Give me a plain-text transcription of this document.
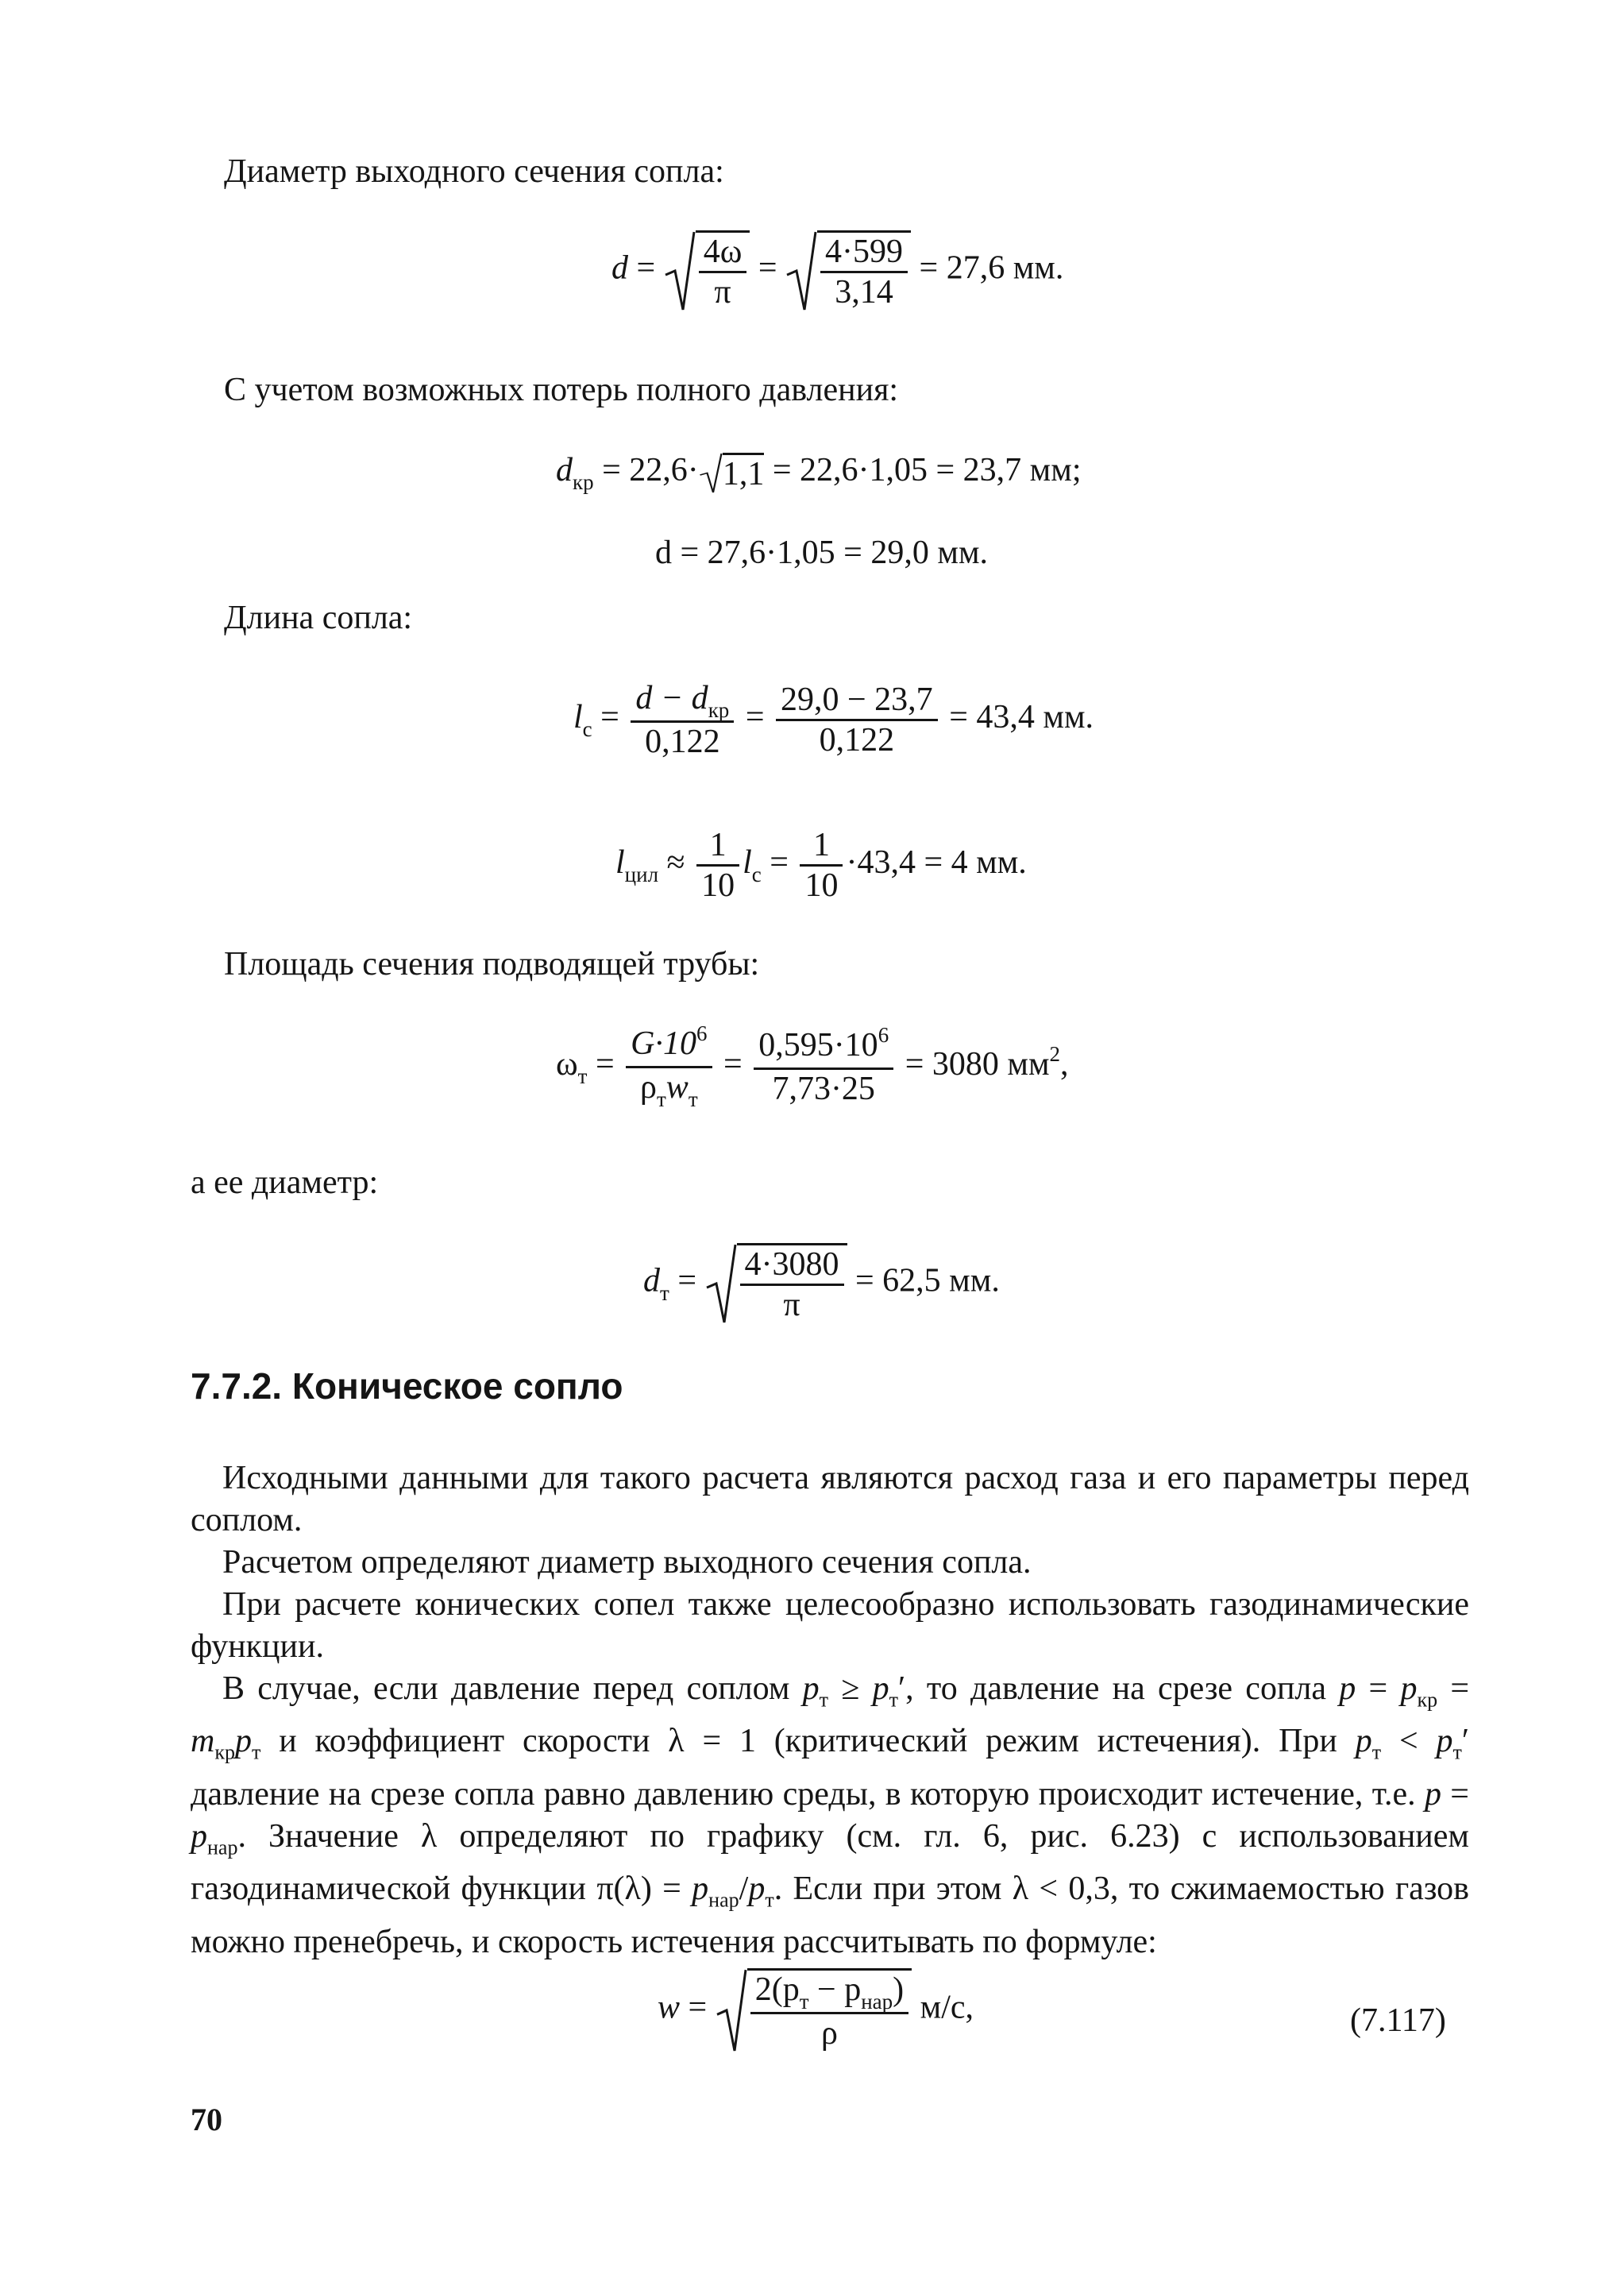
Диаметр выходного сечения сопла:
$d = \frac{4\omega}{\pi} = \frac{4\cdot 599}{3,14} = 27,6$ мм.
С учетом возможных потерь полного давления:
$d_{кр} = 22,6\cdot 1,1 = 22,6\cdot 1,05 = 23,7$ мм;
d = 27,6·1,05 = 29,0 мм.
Длина сопла:
$l_с$ =
$d - d_{кр}$
0,122
= $\frac{29,0 - 23,7}{0,122} = 43,4$ мм.
$l_{цил} \approx \frac{1}{10} l_с = \frac{1}{10} \cdot 43,4 = 4$ мм.
Площадь сечения подводящей трубы:
$\omega_т$ =
$G\cdot 10^6$
$\rho_тw_т$
= $\frac{0,595\cdot 10^6}{7,73\cdot 25} = 3080$ $мм^2$,
а ее диаметр:
$d_т = \frac{4\cdot 3080}{\pi} = 62,5$ мм.
7.7.2. Коническое сопло

Исходными данными для такого расчета являются расход газа и его параметры перед соплом.

Расчетом определяют диаметр выходного сечения сопла.

При расчете конических сопел также целесообразно использовать газодинамические функции.

В случае, если давление перед соплом $p_т \ge p_т'$, то давление на срезе сопла $p = p_{кр} = m_{кр}p_т$ и коэффициент скорости λ = 1 (критический режим истечения). При $p_т < p_т'$ давление на срезе сопла равно давлению среды, в которую происходит истечение, т.е. $p = p_{нар}$. Значение λ определяют по графику (см. гл. 6, рис. 6.23) с использованием газодинамической функции $\pi(\lambda) = p_{нар}/p_т$. Если при этом λ < 0,3, то сжимаемостью газов можно пренебречь, и скорость истечения рассчитывать по формуле:

$w = 2(p_т - p_{нар})$
ρ
м/с,	(7.117)
70
